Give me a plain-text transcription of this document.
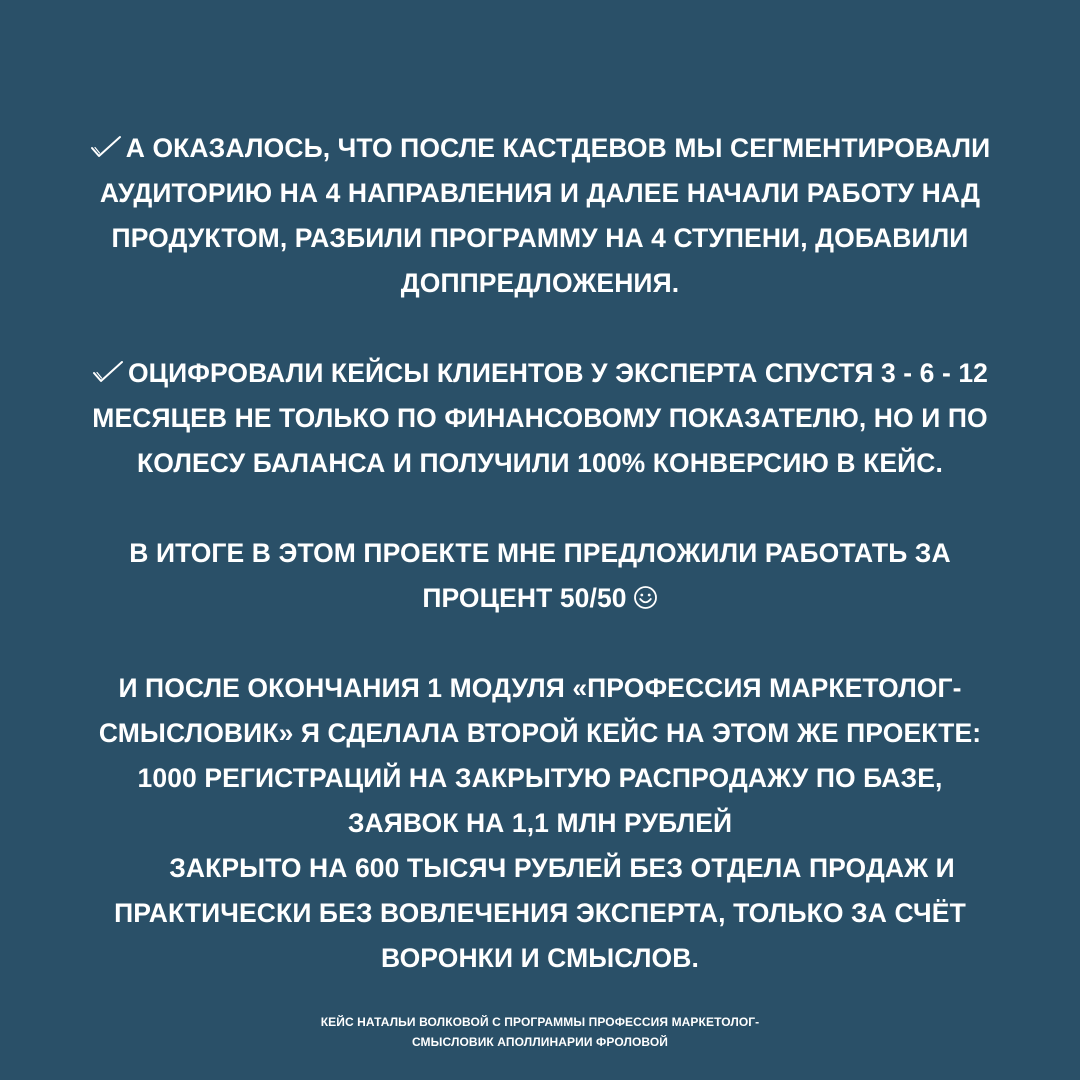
А ОКАЗАЛОСЬ, ЧТО ПОСЛЕ КАСТДЕВОВ МЫ СЕГМЕНТИРОВАЛИ
АУДИТОРИЮ НА 4 НАПРАВЛЕНИЯ И ДАЛЕЕ НАЧАЛИ РАБОТУ НАД
ПРОДУКТОМ, РАЗБИЛИ ПРОГРАММУ НА 4 СТУПЕНИ, ДОБАВИЛИ
ДОППРЕДЛОЖЕНИЯ.

ОЦИФРОВАЛИ КЕЙСЫ КЛИЕНТОВ У ЭКСПЕРТА СПУСТЯ 3 - 6 - 12
МЕСЯЦЕВ НЕ ТОЛЬКО ПО ФИНАНСОВОМУ ПОКАЗАТЕЛЮ, НО И ПО
КОЛЕСУ БАЛАНСА И ПОЛУЧИЛИ 100% КОНВЕРСИЮ В КЕЙС.

В ИТОГЕ В ЭТОМ ПРОЕКТЕ МНЕ ПРЕДЛОЖИЛИ РАБОТАТЬ ЗА
ПРОЦЕНТ 50/50

И ПОСЛЕ ОКОНЧАНИЯ 1 МОДУЛЯ «ПРОФЕССИЯ МАРКЕТОЛОГ-
СМЫСЛОВИК» Я СДЕЛАЛА ВТОРОЙ КЕЙС НА ЭТОМ ЖЕ ПРОЕКТЕ:
1000 РЕГИСТРАЦИЙ НА ЗАКРЫТУЮ РАСПРОДАЖУ ПО БАЗЕ,
ЗАЯВОК НА 1,1 МЛН РУБЛЕЙ
ЗАКРЫТО НА 600 ТЫСЯЧ РУБЛЕЙ БЕЗ ОТДЕЛА ПРОДАЖ И
ПРАКТИЧЕСКИ БЕЗ ВОВЛЕЧЕНИЯ ЭКСПЕРТА, ТОЛЬКО ЗА СЧЁТ
ВОРОНКИ И СМЫСЛОВ.

КЕЙС НАТАЛЬИ ВОЛКОВОЙ С ПРОГРАММЫ ПРОФЕССИЯ МАРКЕТОЛОГ-
СМЫСЛОВИК АПОЛЛИНАРИИ ФРОЛОВОЙ
